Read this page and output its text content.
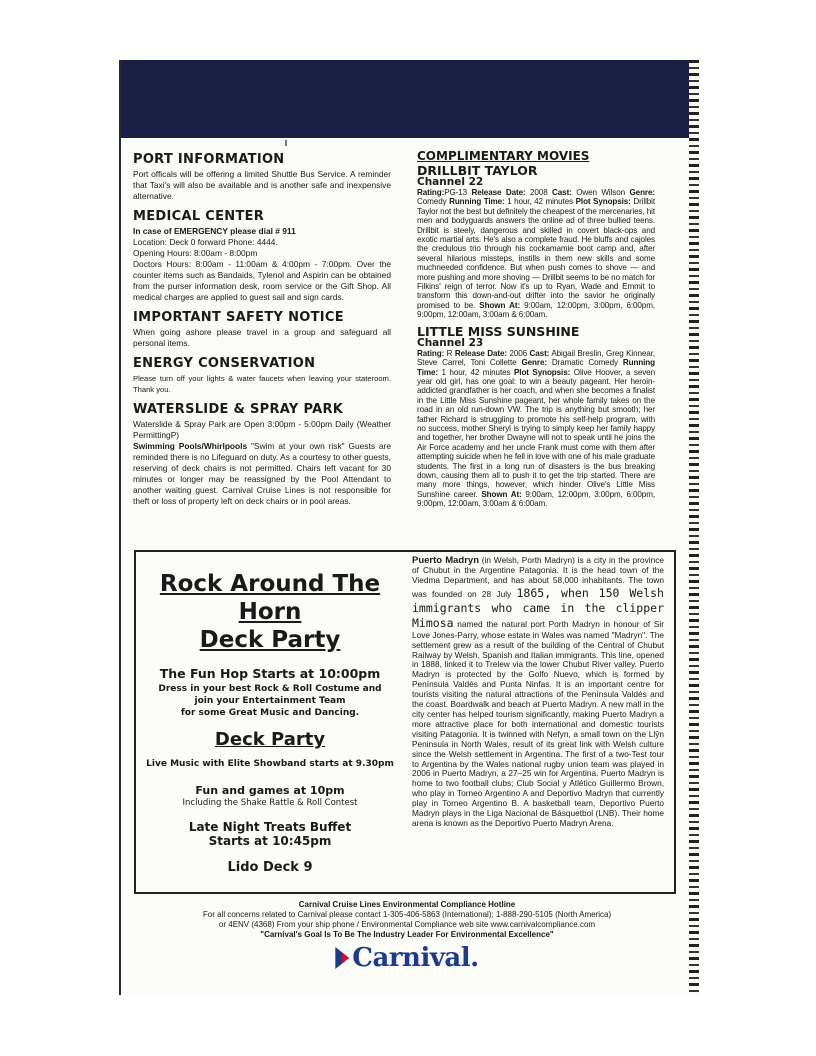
PORT INFORMATION

Port officals will be offering a limited Shuttle Bus Service. A reminder that Taxi's will also be available and is another safe and inexpensive alternative.

MEDICAL CENTER

In case of EMERGENCY please dial # 911
Location: Deck 0 forward Phone: 4444.
Opening Hours: 8:00am - 8:00pm
Doctors Hours: 8:00am - 11:00am & 4:00pm - 7:00pm. Over the counter items such as Bandaids, Tylenol and Aspirin can be obtained from the purser information desk, room service or the Gift Shop. All medical charges are applied to guest sail and sign cards.

IMPORTANT SAFETY NOTICE

When going ashore please travel in a group and safeguard all personal items.

ENERGY CONSERVATION

Please turn off your lights & water faucets when leaving your stateroom. Thank you.

WATERSLIDE & SPRAY PARK

Waterslide & Spray Park are Open 3:00pm - 5:00pm Daily (Weather PermittingP)
Swimming Pools/Whirlpools "Swim at your own risk" Guests are reminded there is no Lifeguard on duty. As a courtesy to other guests, reserving of deck chairs is not permitted. Chairs left vacant for 30 minutes or longer may be reassigned by the Pool Attendant to another waiting guest. Carnival Cruise Lines is not responsible for theft or loss of property left on deck chairs or in pool areas.

COMPLIMENTARY MOVIES

DRILLBIT TAYLOR

Channel 22

Rating:PG-13 Release Date: 2008 Cast: Owen Wilson Genre: Comedy Running Time: 1 hour, 42 minutes Plot Synopsis: Drillbit Taylor not the best but definitely the cheapest of the mercenaries, hit men and bodyguards answers the online ad of three bullied teens. Drillbit is steely, dangerous and skilled in covert black-ops and exotic martial arts. He's also a complete fraud. He bluffs and cajoles the credulous trio through his cockamamie boot camp and, after several hilarious missteps, instills in them new skills and some muchneeded confidence. But when push comes to shove — and more pushing and more shoving — Drillbit seems to be no match for Filkins' reign of terror. Now it's up to Ryan, Wade and Emmit to transform this down-and-out drifter into the savior he originally promised to be. Shown At: 9:00am, 12:00pm, 3:00pm, 6:00pm, 9:00pm, 12:00am, 3:00am & 6:00am.

LITTLE MISS SUNSHINE

Channel 23

Rating: R Release Date: 2006 Cast: Abigail Breslin, Greg Kinnear, Steve Carrel, Toni Collette Genre: Dramatic Comedy Running Time: 1 hour, 42 minutes Plot Synopsis: Olive Hoover, a seven year old girl, has one goal: to win a beauty pageant. Her heroin-addicted grandfather is her coach, and when she becomes a finalist in the Little Miss Sunshine pageant, her whole family takes on the road in an old run-down VW. The trip is anything but smooth; her father Richard is struggling to promote his self-help program, with no success, mother Sheryl is trying to simply keep her family happy and together, her brother Dwayne will not to speak until he joins the Air Force academy and her uncle Frank must come with them after attempting suicide when he fell in love with one of his male graduate students. The first in a long run of disasters is the bus breaking down, causing them all to push it to get the trip started. There are many more things, however, which hinder Olive's Little Miss Sunshine career. Shown At: 9:00am, 12:00pm, 3:00pm, 6:00pm, 9:00pm, 12:00am, 3:00am & 6:00am.

Rock Around The
Horn
Deck Party

The Fun Hop Starts at 10:00pm

Dress in your best Rock & Roll Costume and

join your Entertainment Team

for some Great Music and Dancing.

Deck Party

Live Music with Elite Showband starts at 9.30pm

Fun and games at 10pm

Including the Shake Rattle & Roll Contest

Late Night Treats Buffet

Starts at 10:45pm

Lido Deck 9

Puerto Madryn (in Welsh, Porth Madryn) is a city in the province of Chubut in the Argentine Patagonia. It is the head town of the Viedma Department, and has about 58,000 inhabitants. The town was founded on 28 July 1865, when 150 Welsh immigrants who came in the clipper Mimosa named the natural port Porth Madryn in honour of Sir Love Jones-Parry, whose estate in Wales was named "Madryn". The settlement grew as a result of the building of the Central of Chubut Railway by Welsh, Spanish and Italian immigrants. This line, opened in 1888, linked it to Trelew via the lower Chubut River valley. Puerto Madryn is protected by the Golfo Nuevo, which is formed by Península Valdés and Punta Ninfas. It is an important centre for tourists visiting the natural attractions of the Península Valdés and the coast. Boardwalk and beach at Puerto Madryn. A new mall in the city center has helped tourism significantly, making Puerto Madryn a more attractive place for both international and domestic tourists visiting Patagonia. It is twinned with Nefyn, a small town on the Llŷn Peninsula in North Wales, result of its great link with Welsh culture since the Welsh settlement in Argentina. The first of a two-Test tour to Argentina by the Wales national rugby union team was played in 2006 in Puerto Madryn, a 27–25 win for Argentina. Puerto Madryn is home to two football clubs; Club Social y Atlético Guillermo Brown, who play in Torneo Argentino A and Deportivo Madryn that currently play in Torneo Argentino B. A basketball team, Deportivo Puerto Madryn plays in the Liga Nacional de Básquetbol (LNB). Their home arena is known as the Deportivo Puerto Madryn Arena.

Carnival Cruise Lines Environmental Compliance Hotline

For all concerns related to Carnival please contact 1-305-406-5863 (International); 1-888-290-5105 (North America)

or 4ENV (4368) From your ship phone / Environmental Compliance web site www.carnivalcompliance.com

"Carnival's Goal Is To Be The Industry Leader For Environmental Excellence"

Carnival.
